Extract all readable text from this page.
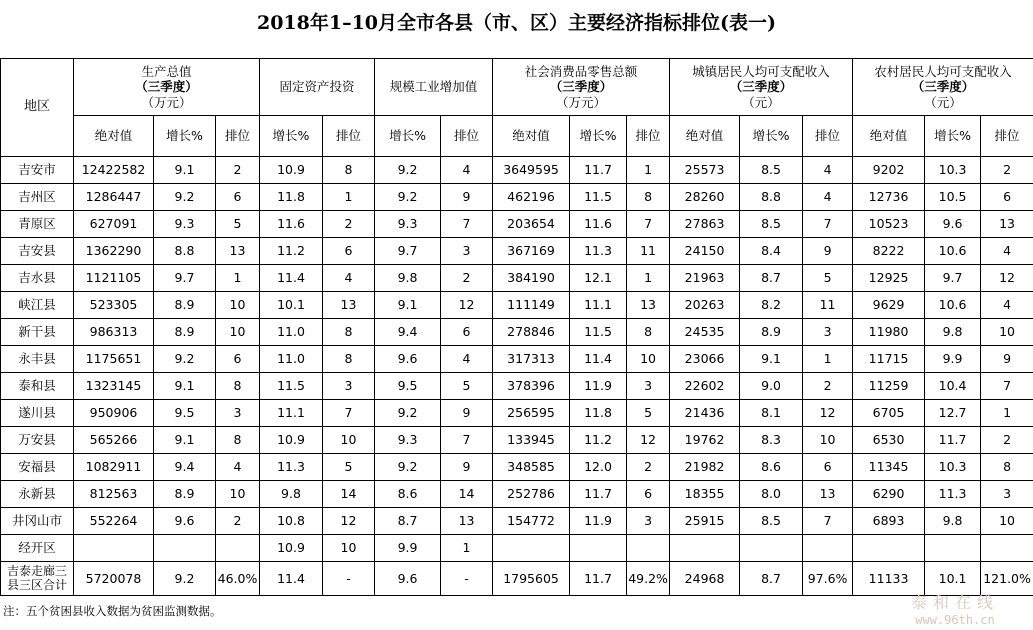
2018年1–10月全市各县（市、区）主要经济指标排位(表一)
地区	生产总值
（三季度）
（万元）			固定资产投资		规模工业增加值		社会消费品零售总额
（三季度）
（万元）			城镇居民人均可支配收入
（三季度）
（元）			农村居民人均可支配收入
（三季度）
（元）		

	绝对值	增长%	排位	增长%	排位	增长%	排位	绝对值	增长%	排位	绝对值	增长%	排位	绝对值	增长%	排位
吉安市	12422582	9.1	2	10.9	8	9.2	4	3649595	11.7	1	25573	8.5	4	9202	10.3	2
吉州区	1286447	9.2	6	11.8	1	9.2	9	462196	11.5	8	28260	8.8	4	12736	10.5	6
青原区	627091	9.3	5	11.6	2	9.3	7	203654	11.6	7	27863	8.5	7	10523	9.6	13
吉安县	1362290	8.8	13	11.2	6	9.7	3	367169	11.3	11	24150	8.4	9	8222	10.6	4
吉水县	1121105	9.7	1	11.4	4	9.8	2	384190	12.1	1	21963	8.7	5	12925	9.7	12
峡江县	523305	8.9	10	10.1	13	9.1	12	111149	11.1	13	20263	8.2	11	9629	10.6	4
新干县	986313	8.9	10	11.0	8	9.4	6	278846	11.5	8	24535	8.9	3	11980	9.8	10
永丰县	1175651	9.2	6	11.0	8	9.6	4	317313	11.4	10	23066	9.1	1	11715	9.9	9
泰和县	1323145	9.1	8	11.5	3	9.5	5	378396	11.9	3	22602	9.0	2	11259	10.4	7
遂川县	950906	9.5	3	11.1	7	9.2	9	256595	11.8	5	21436	8.1	12	6705	12.7	1
万安县	565266	9.1	8	10.9	10	9.3	7	133945	11.2	12	19762	8.3	10	6530	11.7	2
安福县	1082911	9.4	4	11.3	5	9.2	9	348585	12.0	2	21982	8.6	6	11345	10.3	8
永新县	812563	8.9	10	9.8	14	8.6	14	252786	11.7	6	18355	8.0	13	6290	11.3	3
井冈山市	552264	9.6	2	10.8	12	8.7	13	154772	11.9	3	25915	8.5	7	6893	9.8	10
经开区				10.9	10	9.9	1									

吉泰走廊三
县三区合计	5720078	9.2	46.0%	11.4	-	9.6	-	1795605	11.7	49.2%	24968	8.7	97.6%	11133	10.1	121.0%
注：五个贫困县收入数据为贫困监测数据。	泰和在线
www.96th.cn
